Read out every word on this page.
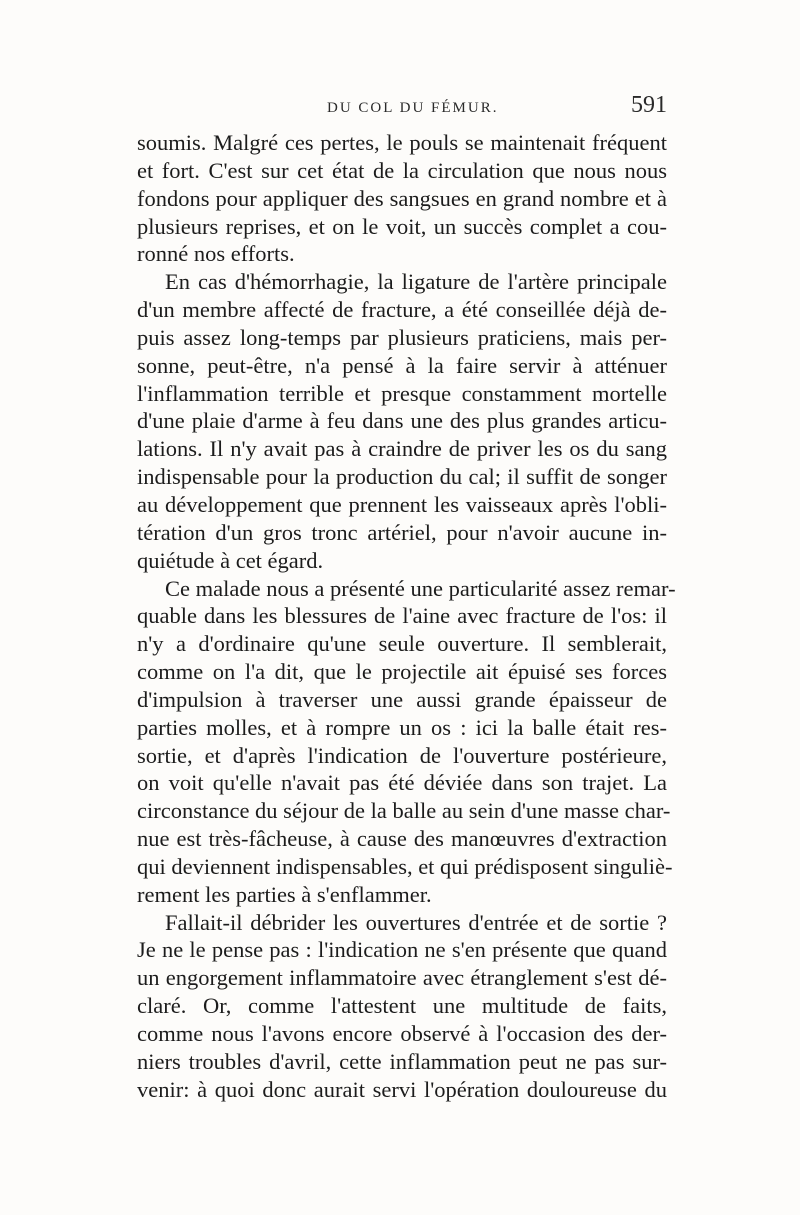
DU COL DU FÉMUR.	591
soumis. Malgré ces pertes, le pouls se maintenait fréquent
et fort. C'est sur cet état de la circulation que nous nous
fondons pour appliquer des sangsues en grand nombre et à
plusieurs reprises, et on le voit, un succès complet a cou-
ronné nos efforts.
En cas d'hémorrhagie, la ligature de l'artère principale
d'un membre affecté de fracture, a été conseillée déjà de-
puis assez long-temps par plusieurs praticiens, mais per-
sonne, peut-être, n'a pensé à la faire servir à atténuer
l'inflammation terrible et presque constamment mortelle
d'une plaie d'arme à feu dans une des plus grandes articu-
lations. Il n'y avait pas à craindre de priver les os du sang
indispensable pour la production du cal; il suffit de songer
au développement que prennent les vaisseaux après l'obli-
tération d'un gros tronc artériel, pour n'avoir aucune in-
quiétude à cet égard.
Ce malade nous a présenté une particularité assez remar-
quable dans les blessures de l'aine avec fracture de l'os: il
n'y a d'ordinaire qu'une seule ouverture. Il semblerait,
comme on l'a dit, que le projectile ait épuisé ses forces
d'impulsion à traverser une aussi grande épaisseur de
parties molles, et à rompre un os : ici la balle était res-
sortie, et d'après l'indication de l'ouverture postérieure,
on voit qu'elle n'avait pas été déviée dans son trajet. La
circonstance du séjour de la balle au sein d'une masse char-
nue est très-fâcheuse, à cause des manœuvres d'extraction
qui deviennent indispensables, et qui prédisposent singuliè-
rement les parties à s'enflammer.
Fallait-il débrider les ouvertures d'entrée et de sortie ?
Je ne le pense pas : l'indication ne s'en présente que quand
un engorgement inflammatoire avec étranglement s'est dé-
claré. Or, comme l'attestent une multitude de faits,
comme nous l'avons encore observé à l'occasion des der-
niers troubles d'avril, cette inflammation peut ne pas sur-
venir: à quoi donc aurait servi l'opération douloureuse du
